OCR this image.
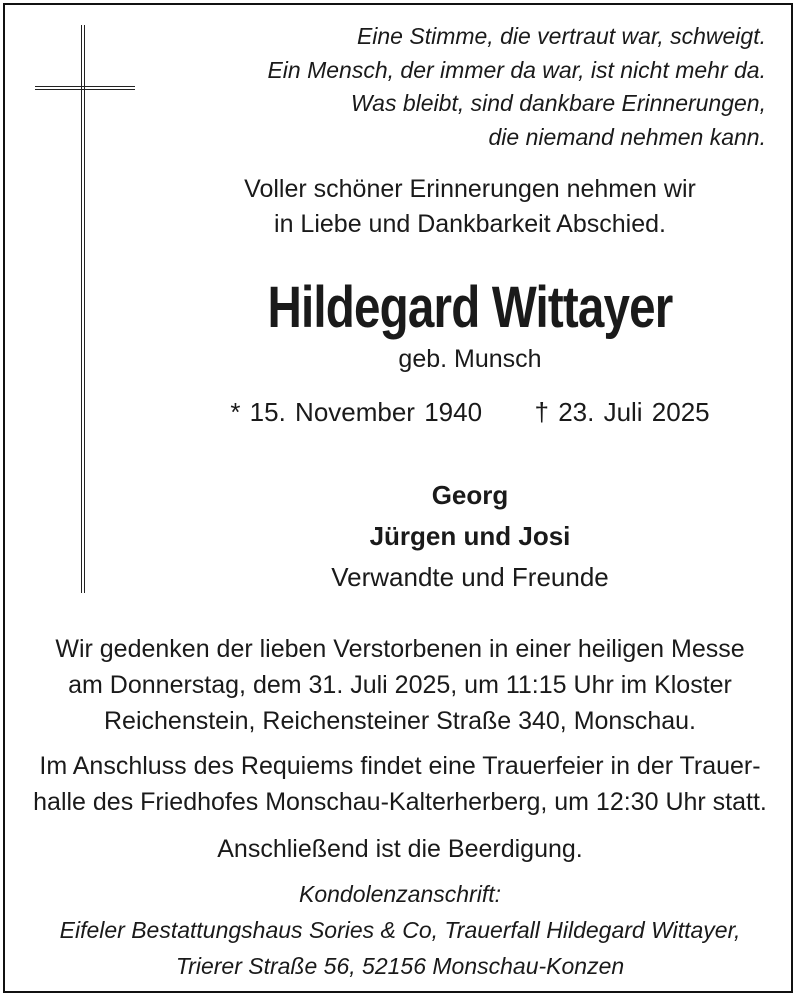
Eine Stimme, die vertraut war, schweigt.
Ein Mensch, der immer da war, ist nicht mehr da.
Was bleibt, sind dankbare Erinnerungen,
die niemand nehmen kann.
Voller schöner Erinnerungen nehmen wir
in Liebe und Dankbarkeit Abschied.
Hildegard Wittayer
geb. Munsch
* 15. November 1940 † 23. Juli 2025
Georg
Jürgen und Josi
Verwandte und Freunde
Wir gedenken der lieben Verstorbenen in einer heiligen Messe
am Donnerstag, dem 31. Juli 2025, um 11:15 Uhr im Kloster
Reichenstein, Reichensteiner Straße 340, Monschau.
Im Anschluss des Requiems findet eine Trauerfeier in der Trauer-
halle des Friedhofes Monschau-Kalterherberg, um 12:30 Uhr statt.
Anschließend ist die Beerdigung.
Kondolenzanschrift:
Eifeler Bestattungshaus Sories & Co, Trauerfall Hildegard Wittayer,
Trierer Straße 56, 52156 Monschau-Konzen
